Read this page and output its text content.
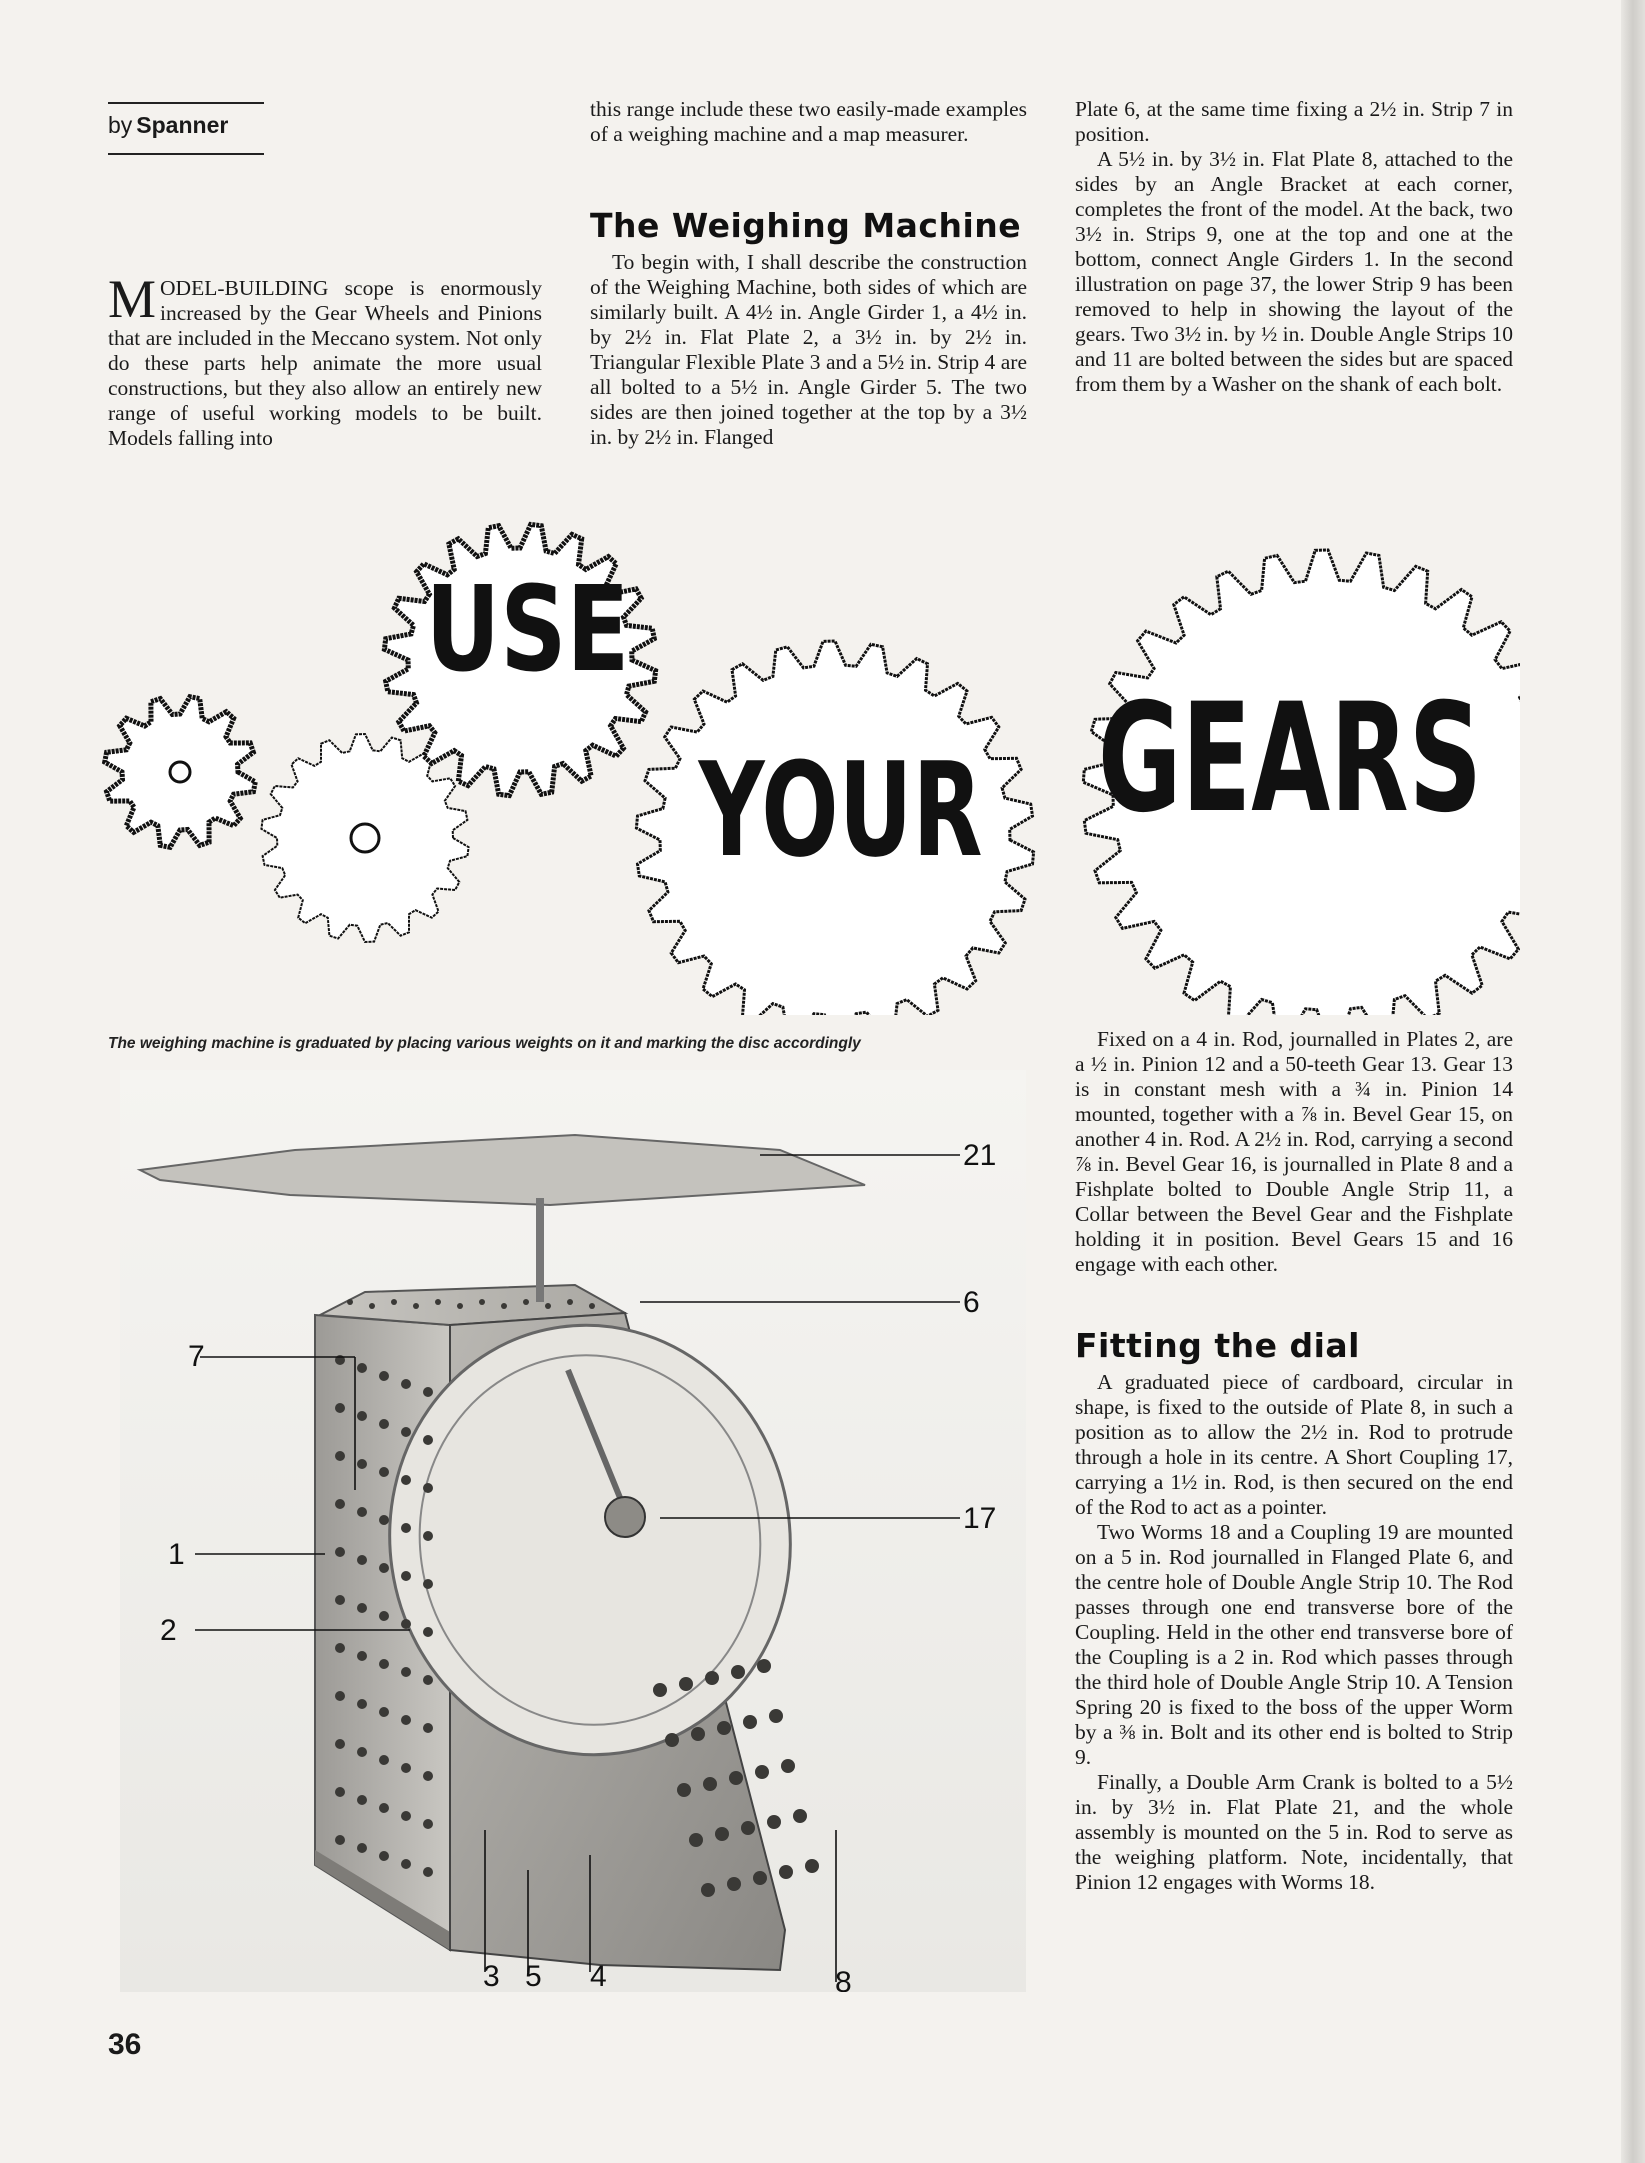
by Spanner

MODEL-BUILDING scope is enormously increased by the Gear Wheels and Pinions that are included in the Meccano system. Not only do these parts help animate the more usual constructions, but they also allow an entirely new range of useful working models to be built. Models falling into

this range include these two easily-made examples of a weighing machine and a map measurer.

The Weighing Machine

To begin with, I shall describe the construction of the Weighing Machine, both sides of which are similarly built. A 4½ in. Angle Girder 1, a 4½ in. by 2½ in. Flat Plate 2, a 3½ in. by 2½ in. Triangular Flexible Plate 3 and a 5½ in. Strip 4 are all bolted to a 5½ in. Angle Girder 5. The two sides are then joined together at the top by a 3½ in. by 2½ in. Flanged

Plate 6, at the same time fixing a 2½ in. Strip 7 in position.

A 5½ in. by 3½ in. Flat Plate 8, attached to the sides by an Angle Bracket at each corner, completes the front of the model. At the back, two 3½ in. Strips 9, one at the top and one at the bottom, connect Angle Girders 1. In the second illustration on page 37, the lower Strip 9 has been removed to help in showing the layout of the gears. Two 3½ in. by ½ in. Double Angle Strips 10 and 11 are bolted between the sides but are spaced from them by a Washer on the shank of each bolt.

USE
YOUR GEARS
The weighing machine is graduated by placing various weights on it and marking the disc accordingly
21
6
7
17
1
2
3 5 4	8

Fixed on a 4 in. Rod, journalled in Plates 2, are a ½ in. Pinion 12 and a 50-teeth Gear 13. Gear 13 is in constant mesh with a ¾ in. Pinion 14 mounted, together with a ⅞ in. Bevel Gear 15, on another 4 in. Rod. A 2½ in. Rod, carrying a second ⅞ in. Bevel Gear 16, is journalled in Plate 8 and a Fishplate bolted to Double Angle Strip 11, a Collar between the Bevel Gear and the Fishplate holding it in position. Bevel Gears 15 and 16 engage with each other.

Fitting the dial

A graduated piece of cardboard, circular in shape, is fixed to the outside of Plate 8, in such a position as to allow the 2½ in. Rod to protrude through a hole in its centre. A Short Coupling 17, carrying a 1½ in. Rod, is then secured on the end of the Rod to act as a pointer.

Two Worms 18 and a Coupling 19 are mounted on a 5 in. Rod journalled in Flanged Plate 6, and the centre hole of Double Angle Strip 10. The Rod passes through one end transverse bore of the Coupling. Held in the other end transverse bore of the Coupling is a 2 in. Rod which passes through the third hole of Double Angle Strip 10. A Tension Spring 20 is fixed to the boss of the upper Worm by a ⅜ in. Bolt and its other end is bolted to Strip 9.

Finally, a Double Arm Crank is bolted to a 5½ in. by 3½ in. Flat Plate 21, and the whole assembly is mounted on the 5 in. Rod to serve as the weighing platform. Note, incidentally, that Pinion 12 engages with Worms 18.

36
